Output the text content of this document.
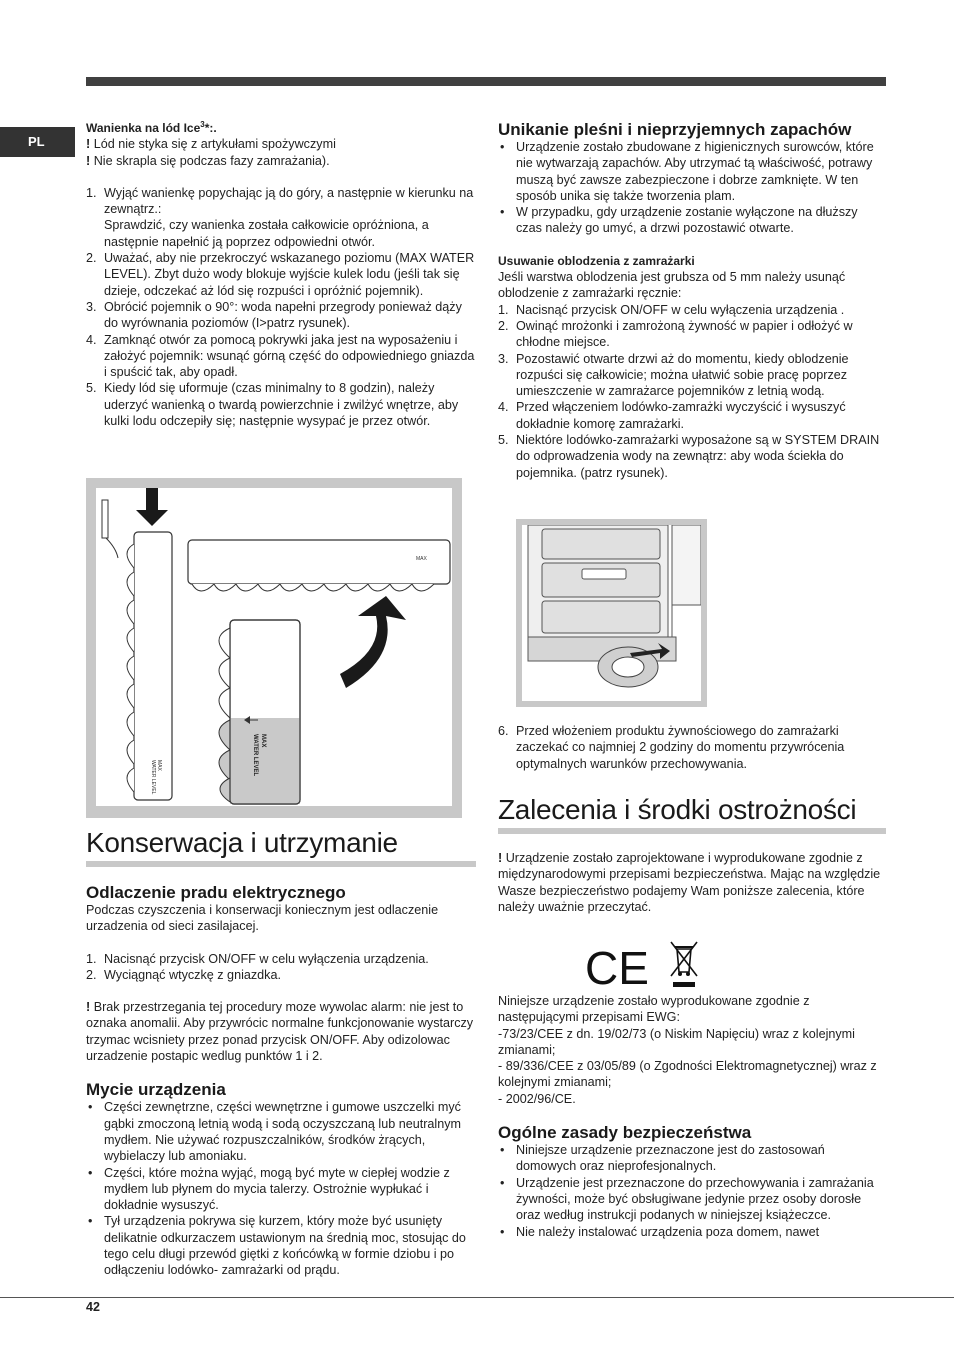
PL

Wanienka na lód Ice$^3$*:.

! Lód nie styka się z artykułami spożywczymi

! Nie skrapla się podczas fazy zamrażania).

1. Wyjąć wanienkę popychając ją do góry, a następnie w kierunku na zewnątrz.:
Sprawdzić, czy wanienka została całkowicie opróżniona, a następnie napełnić ją poprzez odpowiedni otwór.
2. Uważać, aby nie przekroczyć wskazanego poziomu (MAX WATER LEVEL). Zbyt dużo wody blokuje wyjście kulek lodu (jeśli tak się dzieje, odczekać aż lód się rozpuści i opróżnić pojemnik).
3. Obrócić pojemnik o 90°: woda napełni przegrody ponieważ dąży do wyrównania poziomów (I>patrz rysunek).
4. Zamknąć otwór za pomocą pokrywki jaka jest na wyposażeniu i założyć pojemnik: wsunąć górną część do odpowiedniego gniazda i spuścić tak, aby opadł.
5. Kiedy lód się uformuje (czas minimalny to 8 godzin), należy uderzyć wanienką o twardą powierzchnie i zwilżyć wnętrze, aby kulki lodu odczepiły się; następnie wysypać je przez otwór.
MAX
WATER LEVEL
MAX
MAX
WATER LEVEL
Konserwacja i utrzymanie
Odlaczenie pradu elektrycznego

Podczas czyszczenia i konserwacji koniecznym jest odlaczenie urzadzenia od sieci zasilajacej.

1. Nacisnąć przycisk ON/OFF w celu wyłączenia urządzenia.
2. Wyciągnąć wtyczkę z gniazdka.

! Brak przestrzegania tej procedury moze wywolac alarm: nie jest to oznaka anomalii. Aby przywrócic normalne funkcjonowanie wystarczy trzymac wcisniety przez ponad przycisk ON/OFF. Aby odizolowac urzadzenie postapic wedlug punktów 1 i 2.

Mycie urządzenia
• Części zewnętrzne, części wewnętrzne i gumowe uszczelki myć gąbki zmoczoną letnią wodą i sodą oczyszczaną lub neutralnym mydłem. Nie używać rozpuszczalników, środków żrących, wybielaczy lub amoniaku.
• Części, które można wyjąć, mogą być myte w ciepłej wodzie z mydłem lub płynem do mycia talerzy. Ostrożnie wypłukać i dokładnie wysuszyć.
• Tył urządzenia pokrywa się kurzem, który może być usunięty delikatnie odkurzaczem ustawionym na średnią moc, stosując do tego celu długi przewód giętki z końcówką w formie dziobu i po odłączeniu lodówko- zamrażarki od prądu.
Unikanie pleśni i nieprzyjemnych zapachów
• Urządzenie zostało zbudowane z higienicznych surowców, które nie wytwarzają zapachów. Aby utrzymać tą właściwość, potrawy muszą być zawsze zabezpieczone i dobrze zamknięte. W ten sposób unika się także tworzenia plam.
• W przypadku, gdy urządzenie zostanie wyłączone na dłuższy czas należy go umyć, a drzwi pozostawić otwarte.

Usuwanie oblodzenia z zamrażarki

Jeśli warstwa oblodzenia jest grubsza od 5 mm należy usunąć oblodzenie z zamrażarki ręcznie:

1. Nacisnąć przycisk ON/OFF w celu wyłączenia urządzenia .
2. Owinąć mrożonki i zamrożoną żywność w papier i odłożyć w chłodne miejsce.
3. Pozostawić otwarte drzwi aż do momentu, kiedy oblodzenie rozpuści się całkowicie; można ułatwić sobie pracę poprzez umieszczenie w zamrażarce pojemników z letnią wodą.
4. Przed włączeniem lodówko-zamrażki wyczyścić i wysuszyć dokładnie komorę zamrażarki.
5. Niektóre lodówko-zamrażarki wyposażone są w SYSTEM DRAIN do odprowadzenia wody na zewnątrz: aby woda ściekła do pojemnika. (patrz rysunek).
6. Przed włożeniem produktu żywnościowego do zamrażarki zaczekać co najmniej 2 godziny do momentu przywrócenia optymalnych warunków przechowywania.
Zalecenia i środki ostrożności

! Urządzenie zostało zaprojektowane i wyprodukowane zgodnie z międzynarodowymi przepisami bezpieczeństwa. Mając na względzie Wasze bezpieczeństwo podajemy Wam poniższe zalecenia, które należy uważnie przeczytać.

CE

Niniejsze urządzenie zostało wyprodukowane zgodnie z następującymi przepisami EWG:

-73/23/CEE z dn. 19/02/73 (o Niskim Napięciu) wraz z kolejnymi zmianami;

- 89/336/CEE z 03/05/89 (o Zgodności Elektromagnetycznej) wraz z kolejnymi zmianami;

- 2002/96/CE.

Ogólne zasady bezpieczeństwa
• Niniejsze urządzenie przeznaczone jest do zastosowań domowych oraz nieprofesjonalnych.
• Urządzenie jest przeznaczone do przechowywania i zamrażania żywności, może być obsługiwane jedynie przez osoby dorosłe oraz według instrukcji podanych w niniejszej książeczce.
• Nie należy instalować urządzenia poza domem, nawet
42
